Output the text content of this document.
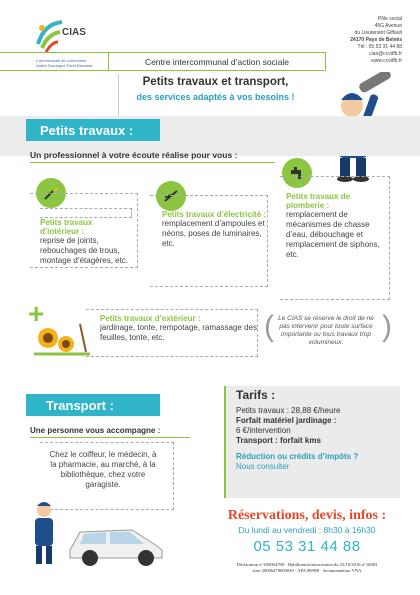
CIAS
Communauté de communes Vallée Dordogne Forêt Bessède
Pôle social
45G Avenue
du Lieutenant Giffault
24170 Pays de Belvès
Tél : 05 53 31 44 88
cias@ccvdfb.fr
www.ccvdfb.fr
Centre intercommunal d’action sociale
Petits travaux et transport,
des services adaptés à vos besoins !
Petits travaux :
Un professionnel à votre écoute réalise pour vous :
Petits travaux d’intérieur :
reprise de joints, rebouchages de trous, montage d’étagères, etc.
Petits travaux d’électricité :
remplacement d’ampoules et néons, poses de luminaires, etc.
Petits travaux de plomberie :
remplacement de mécanismes de chasse d’eau, débouchage et remplacement de siphons, etc.
+	Petits travaux d’extérieur :
jardinage, tonte, rempotage, ramassage des feuilles, tonte, etc.	( Le CIAS se réserve le droit de ne pas intervenir pour toute surface importante ou tous travaux trop volumineux.	)
Transport :
Une personne vous accompagne :
Chez le coiffeur, le médecin, à la pharmacie, au marché, à la bibliothèque, chez votre garagiste.
Tarifs :
Petits travaux : 28,88 €/heure
Forfait matériel jardinage :
6 €/intervention
Transport : forfait kms
Réduction ou crédits d’impôts ?
Nous consulter
Réservations, devis, infos :
Du lundi au vendredi : 8h30 à 16h30
05 53 31 44 88
Déclaration n°200064780 - Habilitation/autorisation du 25/10/2016 n°16003
siret 20006478000030 - APA 8899B · documentation VNA
